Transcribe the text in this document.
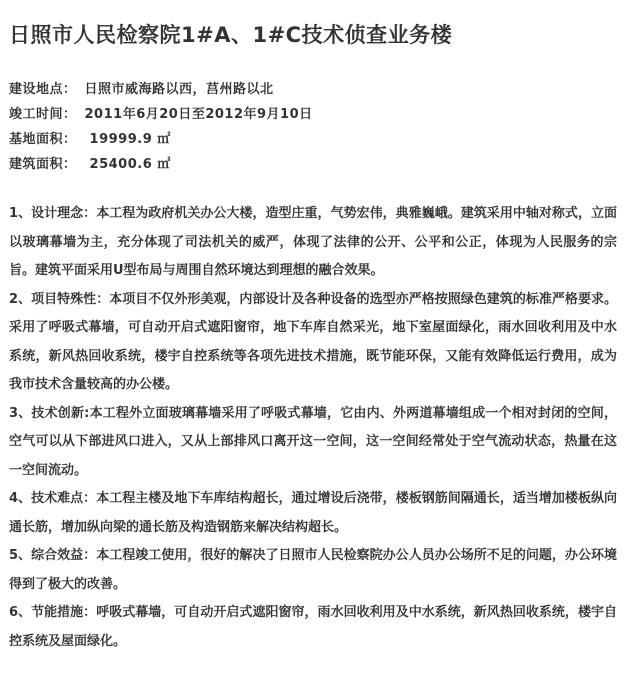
日照市人民检察院1#A、1#C技术侦查业务楼
建设地点： 日照市威海路以西，莒州路以北
竣工时间： 2011年6月20日至2012年9月10日
基地面积： 19999.9 ㎡
建筑面积： 25400.6 ㎡

1、设计理念：本工程为政府机关办公大楼，造型庄重，气势宏伟，典雅巍峨。建筑采用中轴对称式，立面以玻璃幕墙为主，充分体现了司法机关的威严，体现了法律的公开、公平和公正，体现为人民服务的宗旨。建筑平面采用U型布局与周围自然环境达到理想的融合效果。

2、项目特殊性：本项目不仅外形美观，内部设计及各种设备的选型亦严格按照绿色建筑的标准严格要求。采用了呼吸式幕墙，可自动开启式遮阳窗帘，地下车库自然采光，地下室屋面绿化，雨水回收利用及中水系统，新风热回收系统，楼宇自控系统等各项先进技术措施，既节能环保，又能有效降低运行费用，成为我市技术含量较高的办公楼。

3、技术创新:本工程外立面玻璃幕墙采用了呼吸式幕墙，它由内、外两道幕墙组成一个相对封闭的空间，空气可以从下部进风口进入，又从上部排风口离开这一空间，这一空间经常处于空气流动状态，热量在这一空间流动。

4、技术难点：本工程主楼及地下车库结构超长，通过增设后浇带，楼板钢筋间隔通长，适当增加楼板纵向通长筋，增加纵向梁的通长筋及构造钢筋来解决结构超长。

5、综合效益：本工程竣工使用，很好的解决了日照市人民检察院办公人员办公场所不足的问题，办公环境得到了极大的改善。

6、节能措施：呼吸式幕墙，可自动开启式遮阳窗帘，雨水回收利用及中水系统，新风热回收系统，楼宇自控系统及屋面绿化。
